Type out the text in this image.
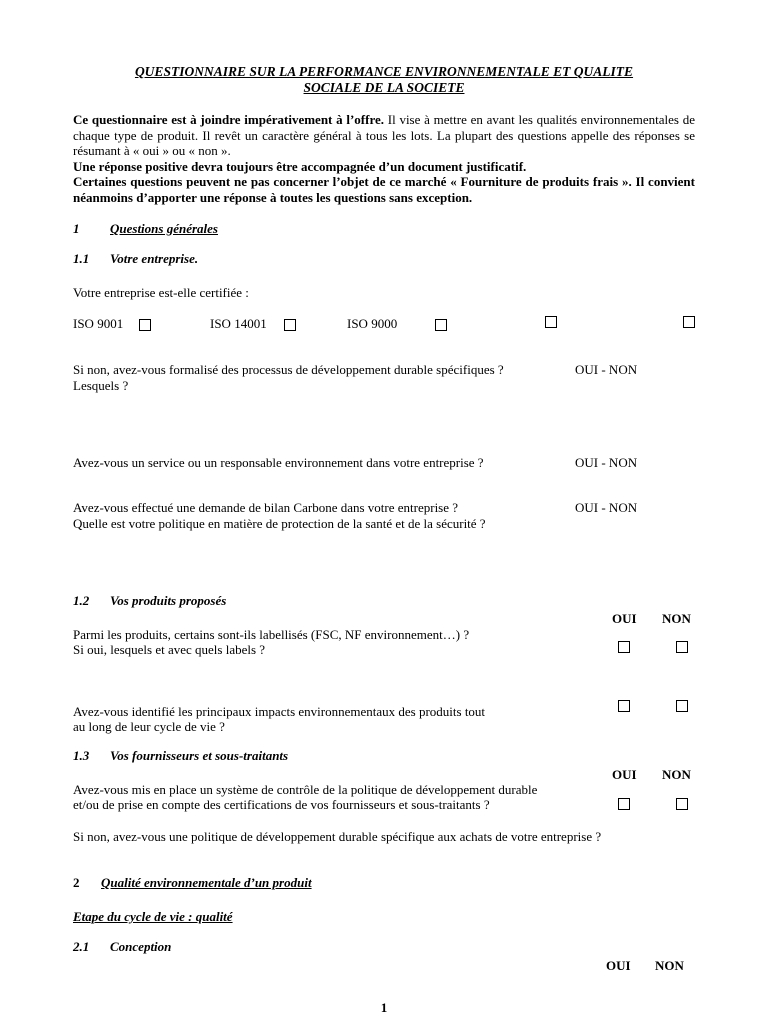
QUESTIONNAIRE SUR LA PERFORMANCE ENVIRONNEMENTALE ET QUALITE
SOCIALE DE LA SOCIETE

Ce questionnaire est à joindre impérativement à l’offre. Il vise à mettre en avant les qualités environnementales de chaque type de produit. Il revêt un caractère général à tous les lots. La plupart des questions appelle des réponses se résumant à « oui » ou « non ».

Une réponse positive devra toujours être accompagnée d’un document justificatif.

Certaines questions peuvent ne pas concerner l’objet de ce marché « Fourniture de produits frais ». Il convient néanmoins d’apporter une réponse à toutes les questions sans exception.

1 Questions générales
1.1 Votre entreprise.
Votre entreprise est-elle certifiée :
ISO 9001	ISO 14001	ISO 9000
Si non, avez-vous formalisé des processus de développement durable spécifiques ?	OUI - NON
Lesquels ?
Avez-vous un service ou un responsable environnement dans votre entreprise ?	OUI - NON
Avez-vous effectué une demande de bilan Carbone dans votre entreprise ?	OUI - NON
Quelle est votre politique en matière de protection de la santé et de la sécurité ?
1.2 Vos produits proposés
OUI NON
Parmi les produits, certains sont-ils labellisés (FSC, NF environnement…) ?
Si oui, lesquels et avec quels labels ?
Avez-vous identifié les principaux impacts environnementaux des produits tout
au long de leur cycle de vie ?
1.3 Vos fournisseurs et sous-traitants
OUI NON
Avez-vous mis en place un système de contrôle de la politique de développement durable
et/ou de prise en compte des certifications de vos fournisseurs et sous-traitants ?
Si non, avez-vous une politique de développement durable spécifique aux achats de votre entreprise ?
2 Qualité environnementale d’un produit
Etape du cycle de vie : qualité
2.1 Conception
OUI NON
1
